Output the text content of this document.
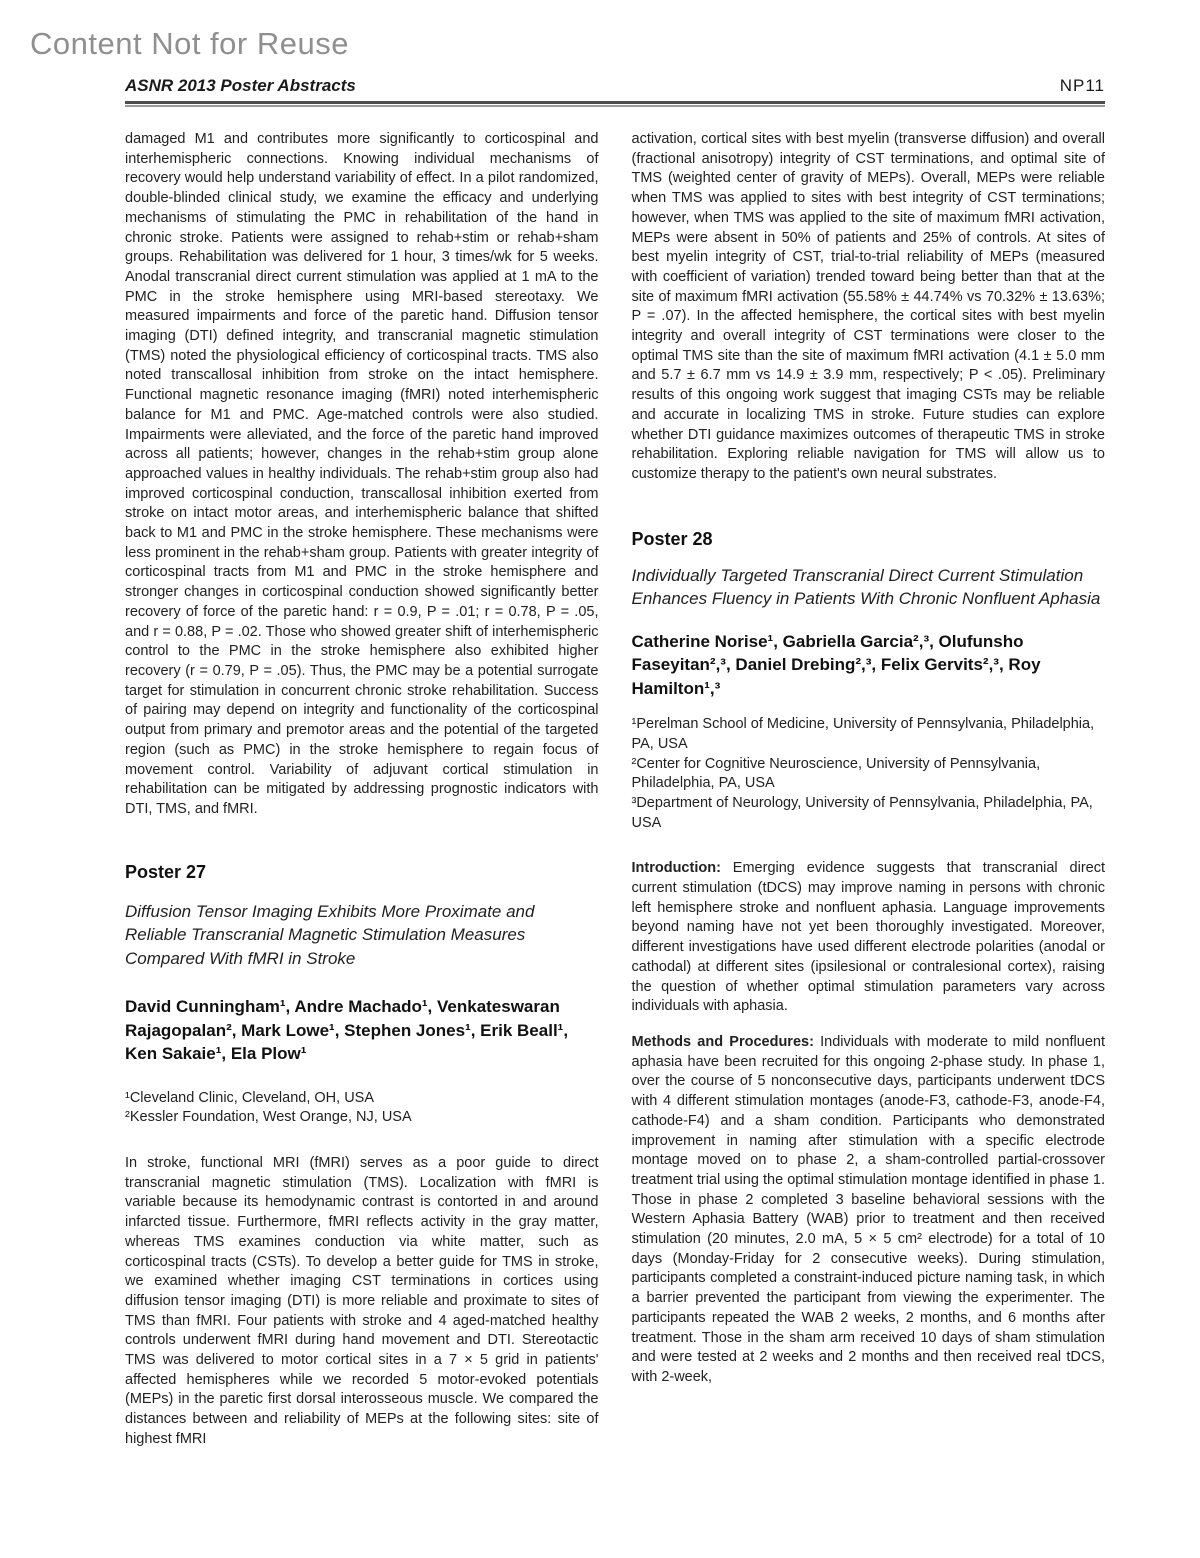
Content Not for Reuse
ASNR 2013 Poster Abstracts	NP11

damaged M1 and contributes more significantly to corticospinal and interhemispheric connections. Knowing individual mechanisms of recovery would help understand variability of effect. In a pilot randomized, double-blinded clinical study, we examine the efficacy and underlying mechanisms of stimulating the PMC in rehabilitation of the hand in chronic stroke. Patients were assigned to rehab+stim or rehab+sham groups. Rehabilitation was delivered for 1 hour, 3 times/wk for 5 weeks. Anodal transcranial direct current stimulation was applied at 1 mA to the PMC in the stroke hemisphere using MRI-based stereotaxy. We measured impairments and force of the paretic hand. Diffusion tensor imaging (DTI) defined integrity, and transcranial magnetic stimulation (TMS) noted the physiological efficiency of corticospinal tracts. TMS also noted transcallosal inhibition from stroke on the intact hemisphere. Functional magnetic resonance imaging (fMRI) noted interhemispheric balance for M1 and PMC. Age-matched controls were also studied. Impairments were alleviated, and the force of the paretic hand improved across all patients; however, changes in the rehab+stim group alone approached values in healthy individuals. The rehab+stim group also had improved corticospinal conduction, transcallosal inhibition exerted from stroke on intact motor areas, and interhemispheric balance that shifted back to M1 and PMC in the stroke hemisphere. These mechanisms were less prominent in the rehab+sham group. Patients with greater integrity of corticospinal tracts from M1 and PMC in the stroke hemisphere and stronger changes in corticospinal conduction showed significantly better recovery of force of the paretic hand: r = 0.9, P = .01; r = 0.78, P = .05, and r = 0.88, P = .02. Those who showed greater shift of interhemispheric control to the PMC in the stroke hemisphere also exhibited higher recovery (r = 0.79, P = .05). Thus, the PMC may be a potential surrogate target for stimulation in concurrent chronic stroke rehabilitation. Success of pairing may depend on integrity and functionality of the corticospinal output from primary and premotor areas and the potential of the targeted region (such as PMC) in the stroke hemisphere to regain focus of movement control. Variability of adjuvant cortical stimulation in rehabilitation can be mitigated by addressing prognostic indicators with DTI, TMS, and fMRI.

Poster 27

Diffusion Tensor Imaging Exhibits More Proximate and Reliable Transcranial Magnetic Stimulation Measures Compared With fMRI in Stroke

David Cunningham¹, Andre Machado¹, Venkateswaran Rajagopalan², Mark Lowe¹, Stephen Jones¹, Erik Beall¹, Ken Sakaie¹, Ela Plow¹

¹Cleveland Clinic, Cleveland, OH, USA
²Kessler Foundation, West Orange, NJ, USA

In stroke, functional MRI (fMRI) serves as a poor guide to direct transcranial magnetic stimulation (TMS). Localization with fMRI is variable because its hemodynamic contrast is contorted in and around infarcted tissue. Furthermore, fMRI reflects activity in the gray matter, whereas TMS examines conduction via white matter, such as corticospinal tracts (CSTs). To develop a better guide for TMS in stroke, we examined whether imaging CST terminations in cortices using diffusion tensor imaging (DTI) is more reliable and proximate to sites of TMS than fMRI. Four patients with stroke and 4 aged-matched healthy controls underwent fMRI during hand movement and DTI. Stereotactic TMS was delivered to motor cortical sites in a 7 × 5 grid in patients' affected hemispheres while we recorded 5 motor-evoked potentials (MEPs) in the paretic first dorsal interosseous muscle. We compared the distances between and reliability of MEPs at the following sites: site of highest fMRI

activation, cortical sites with best myelin (transverse diffusion) and overall (fractional anisotropy) integrity of CST terminations, and optimal site of TMS (weighted center of gravity of MEPs). Overall, MEPs were reliable when TMS was applied to sites with best integrity of CST terminations; however, when TMS was applied to the site of maximum fMRI activation, MEPs were absent in 50% of patients and 25% of controls. At sites of best myelin integrity of CST, trial-to-trial reliability of MEPs (measured with coefficient of variation) trended toward being better than that at the site of maximum fMRI activation (55.58% ± 44.74% vs 70.32% ± 13.63%; P = .07). In the affected hemisphere, the cortical sites with best myelin integrity and overall integrity of CST terminations were closer to the optimal TMS site than the site of maximum fMRI activation (4.1 ± 5.0 mm and 5.7 ± 6.7 mm vs 14.9 ± 3.9 mm, respectively; P < .05). Preliminary results of this ongoing work suggest that imaging CSTs may be reliable and accurate in localizing TMS in stroke. Future studies can explore whether DTI guidance maximizes outcomes of therapeutic TMS in stroke rehabilitation. Exploring reliable navigation for TMS will allow us to customize therapy to the patient's own neural substrates.

Poster 28

Individually Targeted Transcranial Direct Current Stimulation Enhances Fluency in Patients With Chronic Nonfluent Aphasia

Catherine Norise¹, Gabriella Garcia²,³, Olufunsho Faseyitan²,³, Daniel Drebing²,³, Felix Gervits²,³, Roy Hamilton¹,³

¹Perelman School of Medicine, University of Pennsylvania, Philadelphia, PA, USA
²Center for Cognitive Neuroscience, University of Pennsylvania, Philadelphia, PA, USA
³Department of Neurology, University of Pennsylvania, Philadelphia, PA, USA

Introduction: Emerging evidence suggests that transcranial direct current stimulation (tDCS) may improve naming in persons with chronic left hemisphere stroke and nonfluent aphasia. Language improvements beyond naming have not yet been thoroughly investigated. Moreover, different investigations have used different electrode polarities (anodal or cathodal) at different sites (ipsilesional or contralesional cortex), raising the question of whether optimal stimulation parameters vary across individuals with aphasia.

Methods and Procedures: Individuals with moderate to mild nonfluent aphasia have been recruited for this ongoing 2-phase study. In phase 1, over the course of 5 nonconsecutive days, participants underwent tDCS with 4 different stimulation montages (anode-F3, cathode-F3, anode-F4, cathode-F4) and a sham condition. Participants who demonstrated improvement in naming after stimulation with a specific electrode montage moved on to phase 2, a sham-controlled partial-crossover treatment trial using the optimal stimulation montage identified in phase 1. Those in phase 2 completed 3 baseline behavioral sessions with the Western Aphasia Battery (WAB) prior to treatment and then received stimulation (20 minutes, 2.0 mA, 5 × 5 cm² electrode) for a total of 10 days (Monday-Friday for 2 consecutive weeks). During stimulation, participants completed a constraint-induced picture naming task, in which a barrier prevented the participant from viewing the experimenter. The participants repeated the WAB 2 weeks, 2 months, and 6 months after treatment. Those in the sham arm received 10 days of sham stimulation and were tested at 2 weeks and 2 months and then received real tDCS, with 2-week,
